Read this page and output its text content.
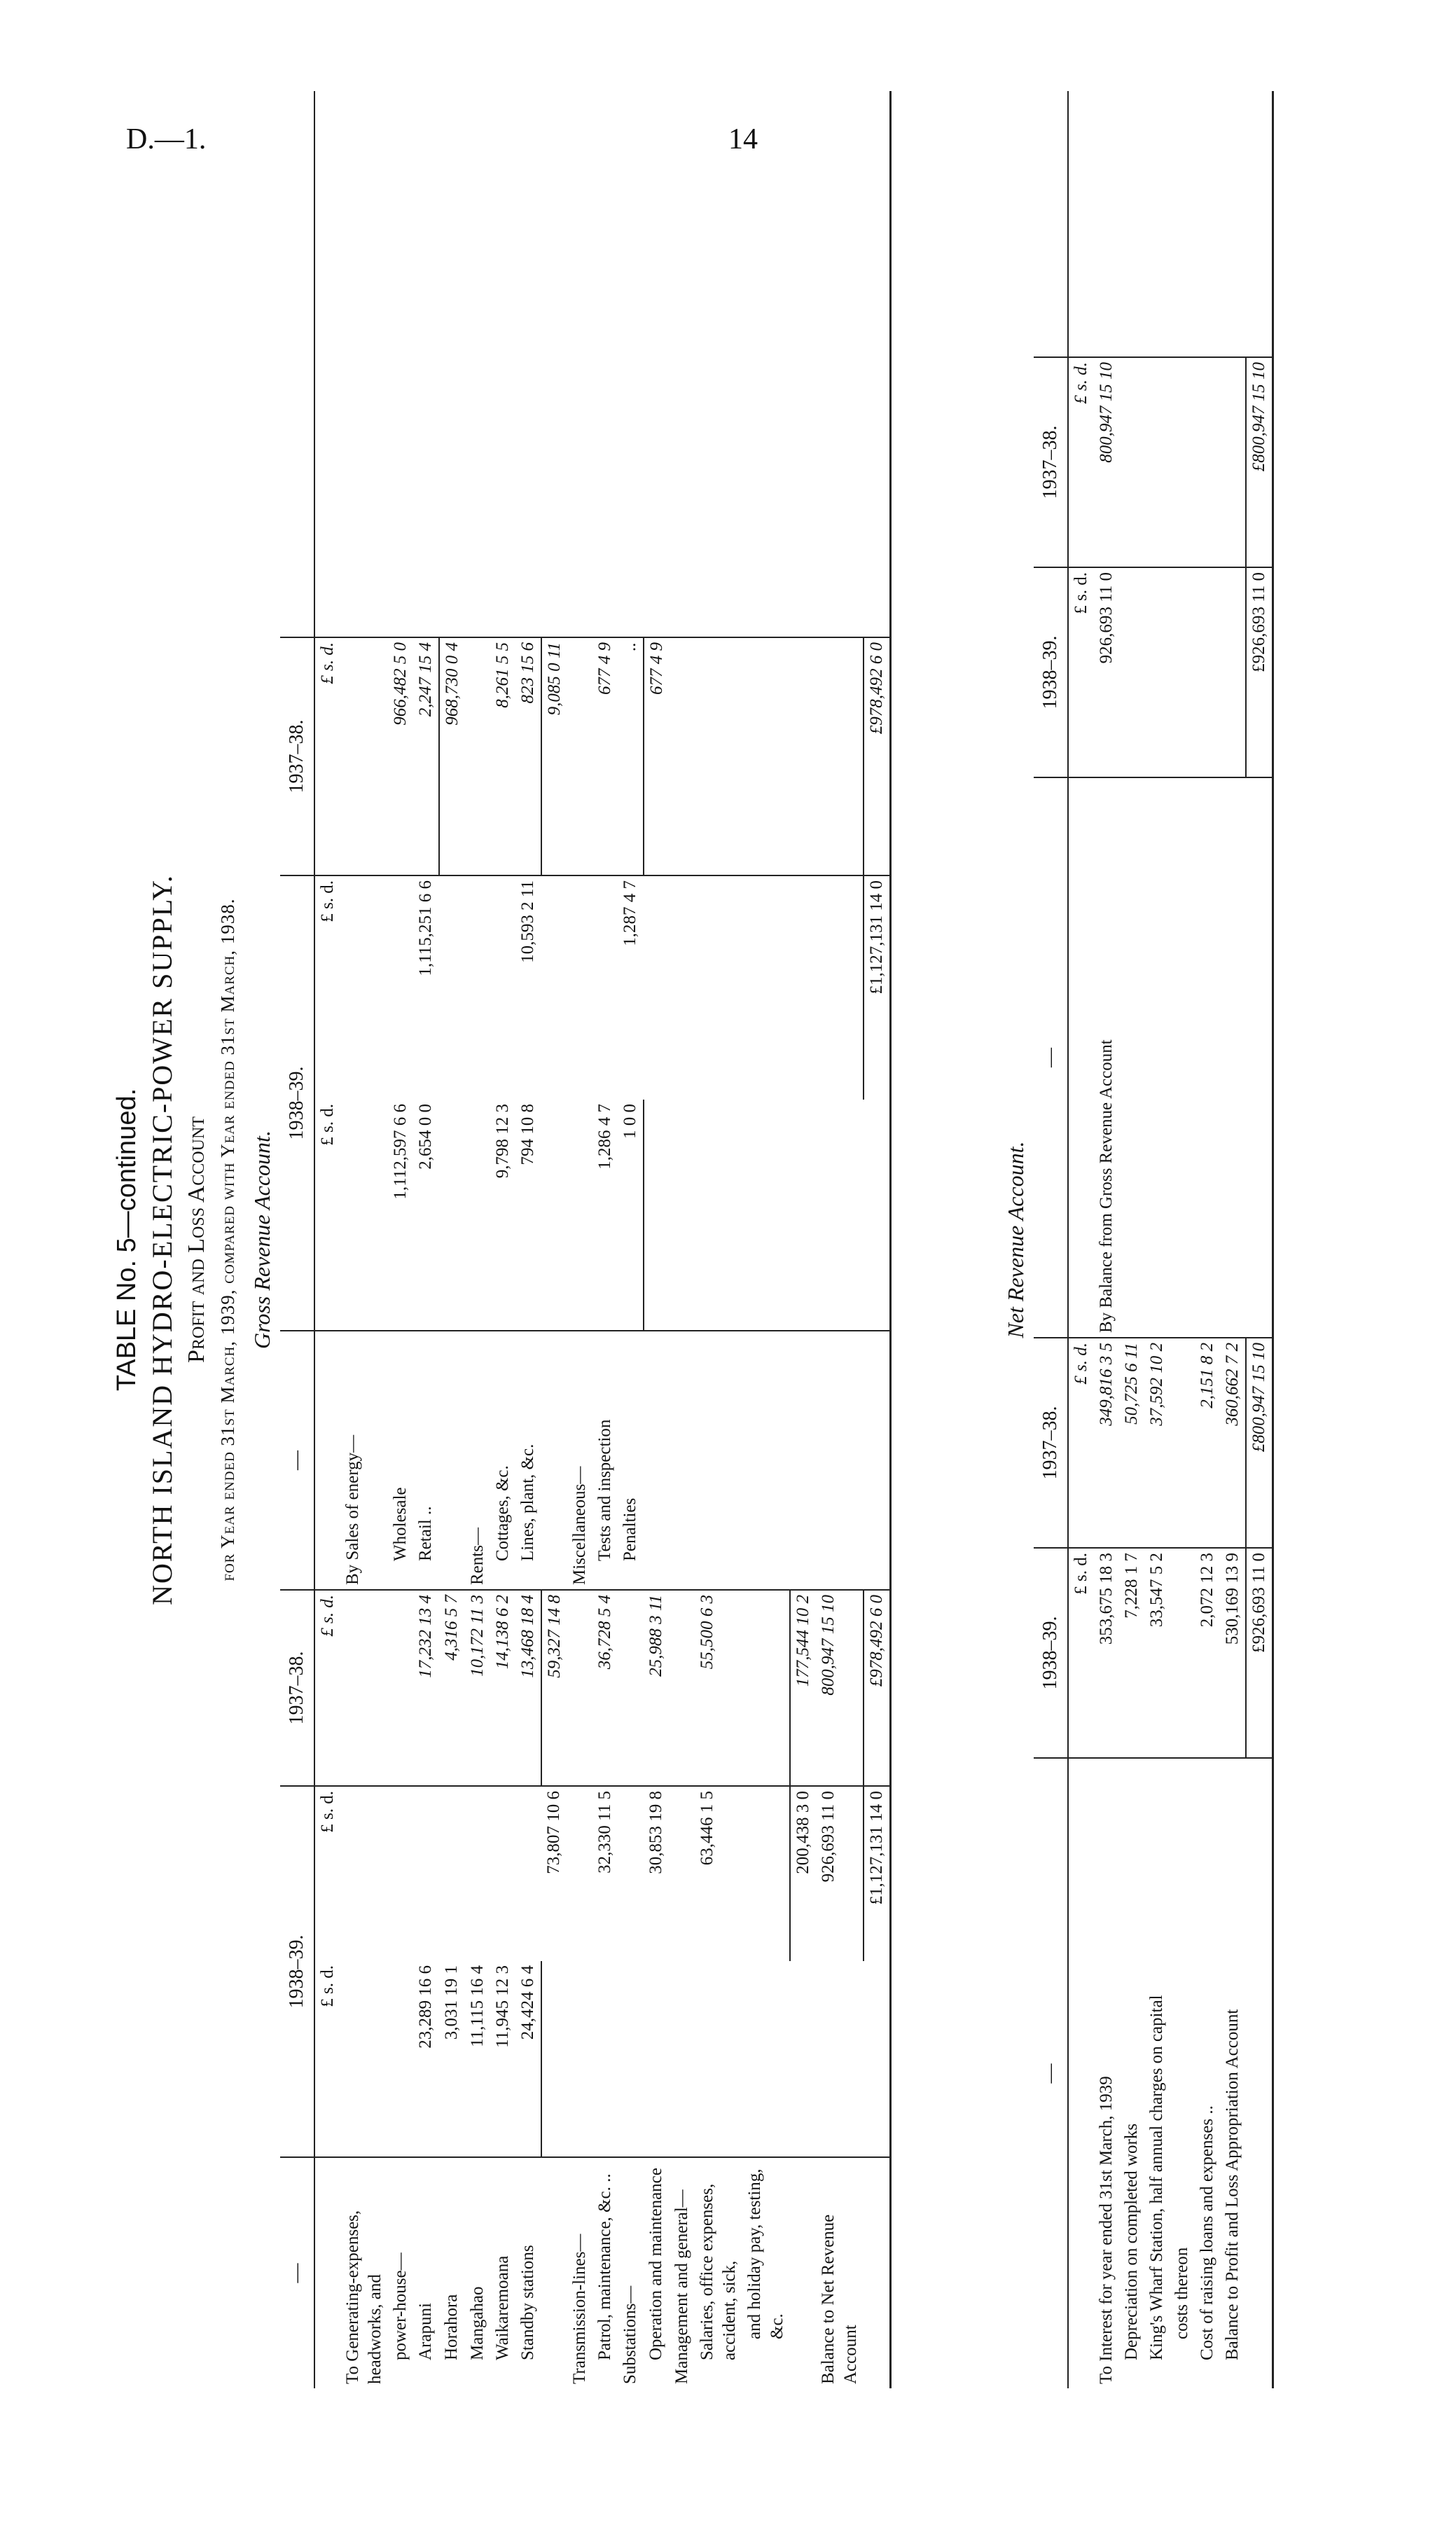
D.—1.	14
TABLE No. 5—continued. NORTH ISLAND HYDRO-ELECTRIC-POWER SUPPLY. Profit and Loss Account for Year ended 31st March, 1939, compared with Year ended 31st March, 1938. Gross Revenue Account.
—	1938–39.		1937–38.	—	1938–39.		1937–38.	
	£ s. d.	£ s. d.	£ s. d.		£ s. d.	£ s. d.	£ s. d.	
To Generating-expenses, headworks, and				By Sales of energy—				
power-house—				Wholesale	1,112,597 6 6		966,482 5 0	
Arapuni	23,289 16 6		17,232 13 4	Retail ..	2,654 0 0	1,115,251 6 6	2,247 15 4	
Horahora	3,031 19 1		4,316 5 7				968,730 0 4	
Mangahao	11,115 16 4		10,172 11 3	Rents—				
Waikaremoana	11,945 12 3		14,138 6 2	Cottages, &c.	9,798 12 3		8,261 5 5	
Standby stations	24,424 6 4		13,468 18 4	Lines, plant, &c.	794 10 8	10,593 2 11	823 15 6	
		73,807 10 6	59,327 14 8				9,085 0 11	
Transmission-lines—				Miscellaneous—				
Patrol, maintenance, &c. ..		32,330 11 5	36,728 5 4	Tests and inspection	1,286 4 7		677 4 9	
Substations—				Penalties	1 0 0	1,287 4 7	..	
Operation and maintenance		30,853 19 8	25,988 3 11				677 4 9	
Management and general—								
Salaries, office expenses, accident, sick,		63,446 1 5	55,500 6 3					
and holiday pay, testing, &c.								
		200,438 3 0	177,544 10 2					
Balance to Net Revenue Account		926,693 11 0	800,947 15 10					
		£1,127,131 14 0	£978,492 6 0			£1,127,131 14 0	£978,492 6 0	
Net Revenue Account.
—	1938–39.	1937–38.	—	1938–39.	1937–38.	
	£ s. d.	£ s. d.		£ s. d.	£ s. d.	
To Interest for year ended 31st March, 1939	353,675 18 3	349,816 3 5	By Balance from Gross Revenue Account	926,693 11 0	800,947 15 10	
Depreciation on completed works	7,228 1 7	50,725 6 11				
King's Wharf Station, half annual charges on capital	33,547 5 2	37,592 10 2				
costs thereon						
Cost of raising loans and expenses ..	2,072 12 3	2,151 8 2				
Balance to Profit and Loss Appropriation Account	530,169 13 9	360,662 7 2				
	£926,693 11 0	£800,947 15 10		£926,693 11 0	£800,947 15 10	
